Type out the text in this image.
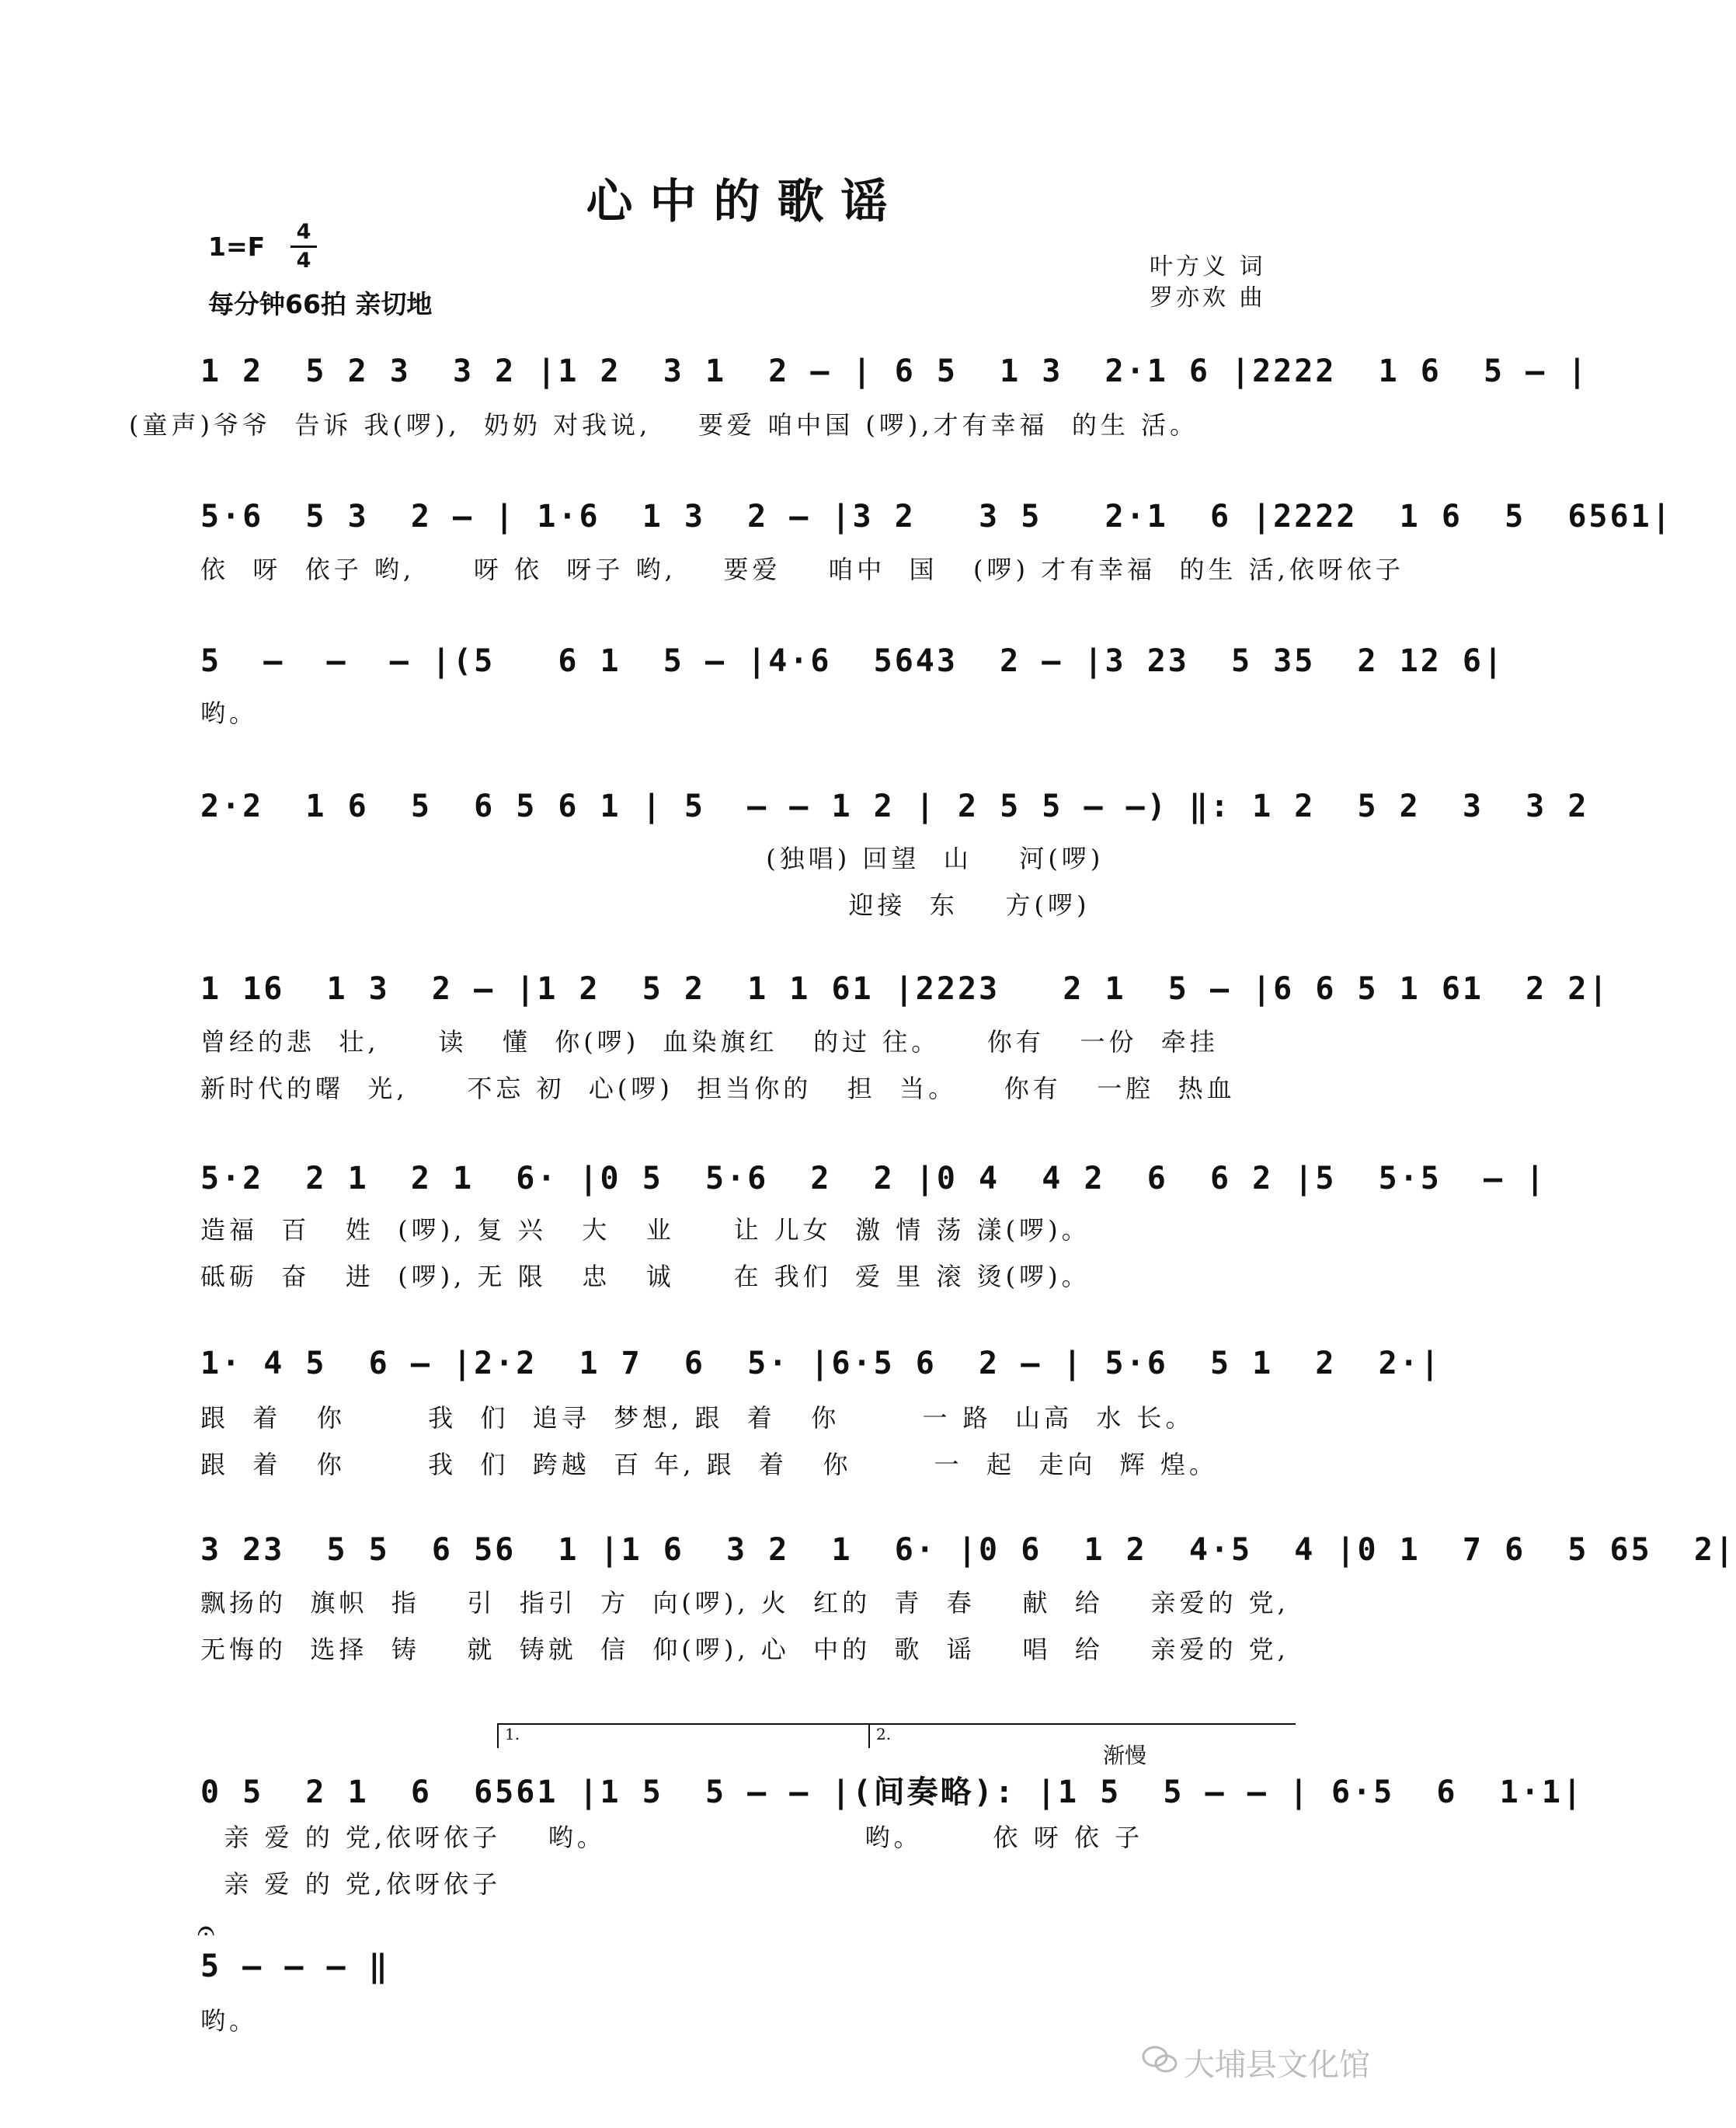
心中的歌谣
1=F 4
4
每分钟66拍 亲切地
叶方义 词
罗亦欢 曲
1 2  5 2 3  3 2 |1 2  3 1  2 — | 6 5  1 3  2·1 6 |2222  1 6  5 — |
(童声)爷爷  告诉 我(啰),  奶奶 对我说,    要爱 咱中国 (啰),才有幸福  的生 活。
5·6  5 3  2 — | 1·6  1 3  2 — |3 2   3 5   2·1  6 |2222  1 6  5  6561|
依  呀  依子 哟,     呀 依  呀子 哟,    要爱    咱中  国   (啰) 才有幸福  的生 活,依呀依子
5  —  —  — |(5   6 1  5 — |4·6  5643  2 — |3 23  5 35  2 12 6|
哟。
2·2  1 6  5  6 5 6 1 | 5  — — 1 2 | 2 5 5 — —) ‖: 1 2  5 2  3  3 2
(独唱) 回望  山    河(啰)
迎接  东    方(啰)
1 16  1 3  2 — |1 2  5 2  1 1 61 |2223   2 1  5 — |6 6 5 1 61  2 2|
曾经的悲  壮,     读   懂  你(啰)  血染旗红   的过 往。    你有   一份  牵挂
新时代的曙  光,     不忘 初  心(啰)  担当你的   担  当。    你有   一腔  热血
5·2  2 1  2 1  6· |0 5  5·6  2  2 |0 4  4 2  6  6 2 |5  5·5  — |
造福  百   姓  (啰), 复 兴   大   业     让 儿女  激 情 荡 漾(啰)。
砥砺  奋   进  (啰), 无 限   忠   诚     在 我们  爱 里 滚 烫(啰)。
1· 4 5  6 — |2·2  1 7  6  5· |6·5 6  2 — | 5·6  5 1  2  2·|
跟  着   你       我  们  追寻  梦想, 跟  着   你       一 路  山高  水 长。
跟  着   你       我  们  跨越  百 年, 跟  着   你       一  起  走向  辉 煌。
3 23  5 5  6 56  1 |1 6  3 2  1  6· |0 6  1 2  4·5  4 |0 1  7 6  5 65  2|
飘扬的  旗帜  指    引  指引  方  向(啰), 火  红的  青  春    献  给    亲爱的 党,
无悔的  选择  铸    就  铸就  信  仰(啰), 心  中的  歌  谣    唱  给    亲爱的 党,
1.	2.
渐慢
0 5  2 1  6  6561 |1 5  5 — — |(间奏略): |1 5  5 — — | 6·5  6  1·1|
亲 爱 的 党,依呀依子    哟。                      哟。      依 呀 依 子
亲 爱 的 党,依呀依子
𝄐
5 — — — ‖
哟。
大埔县文化馆
